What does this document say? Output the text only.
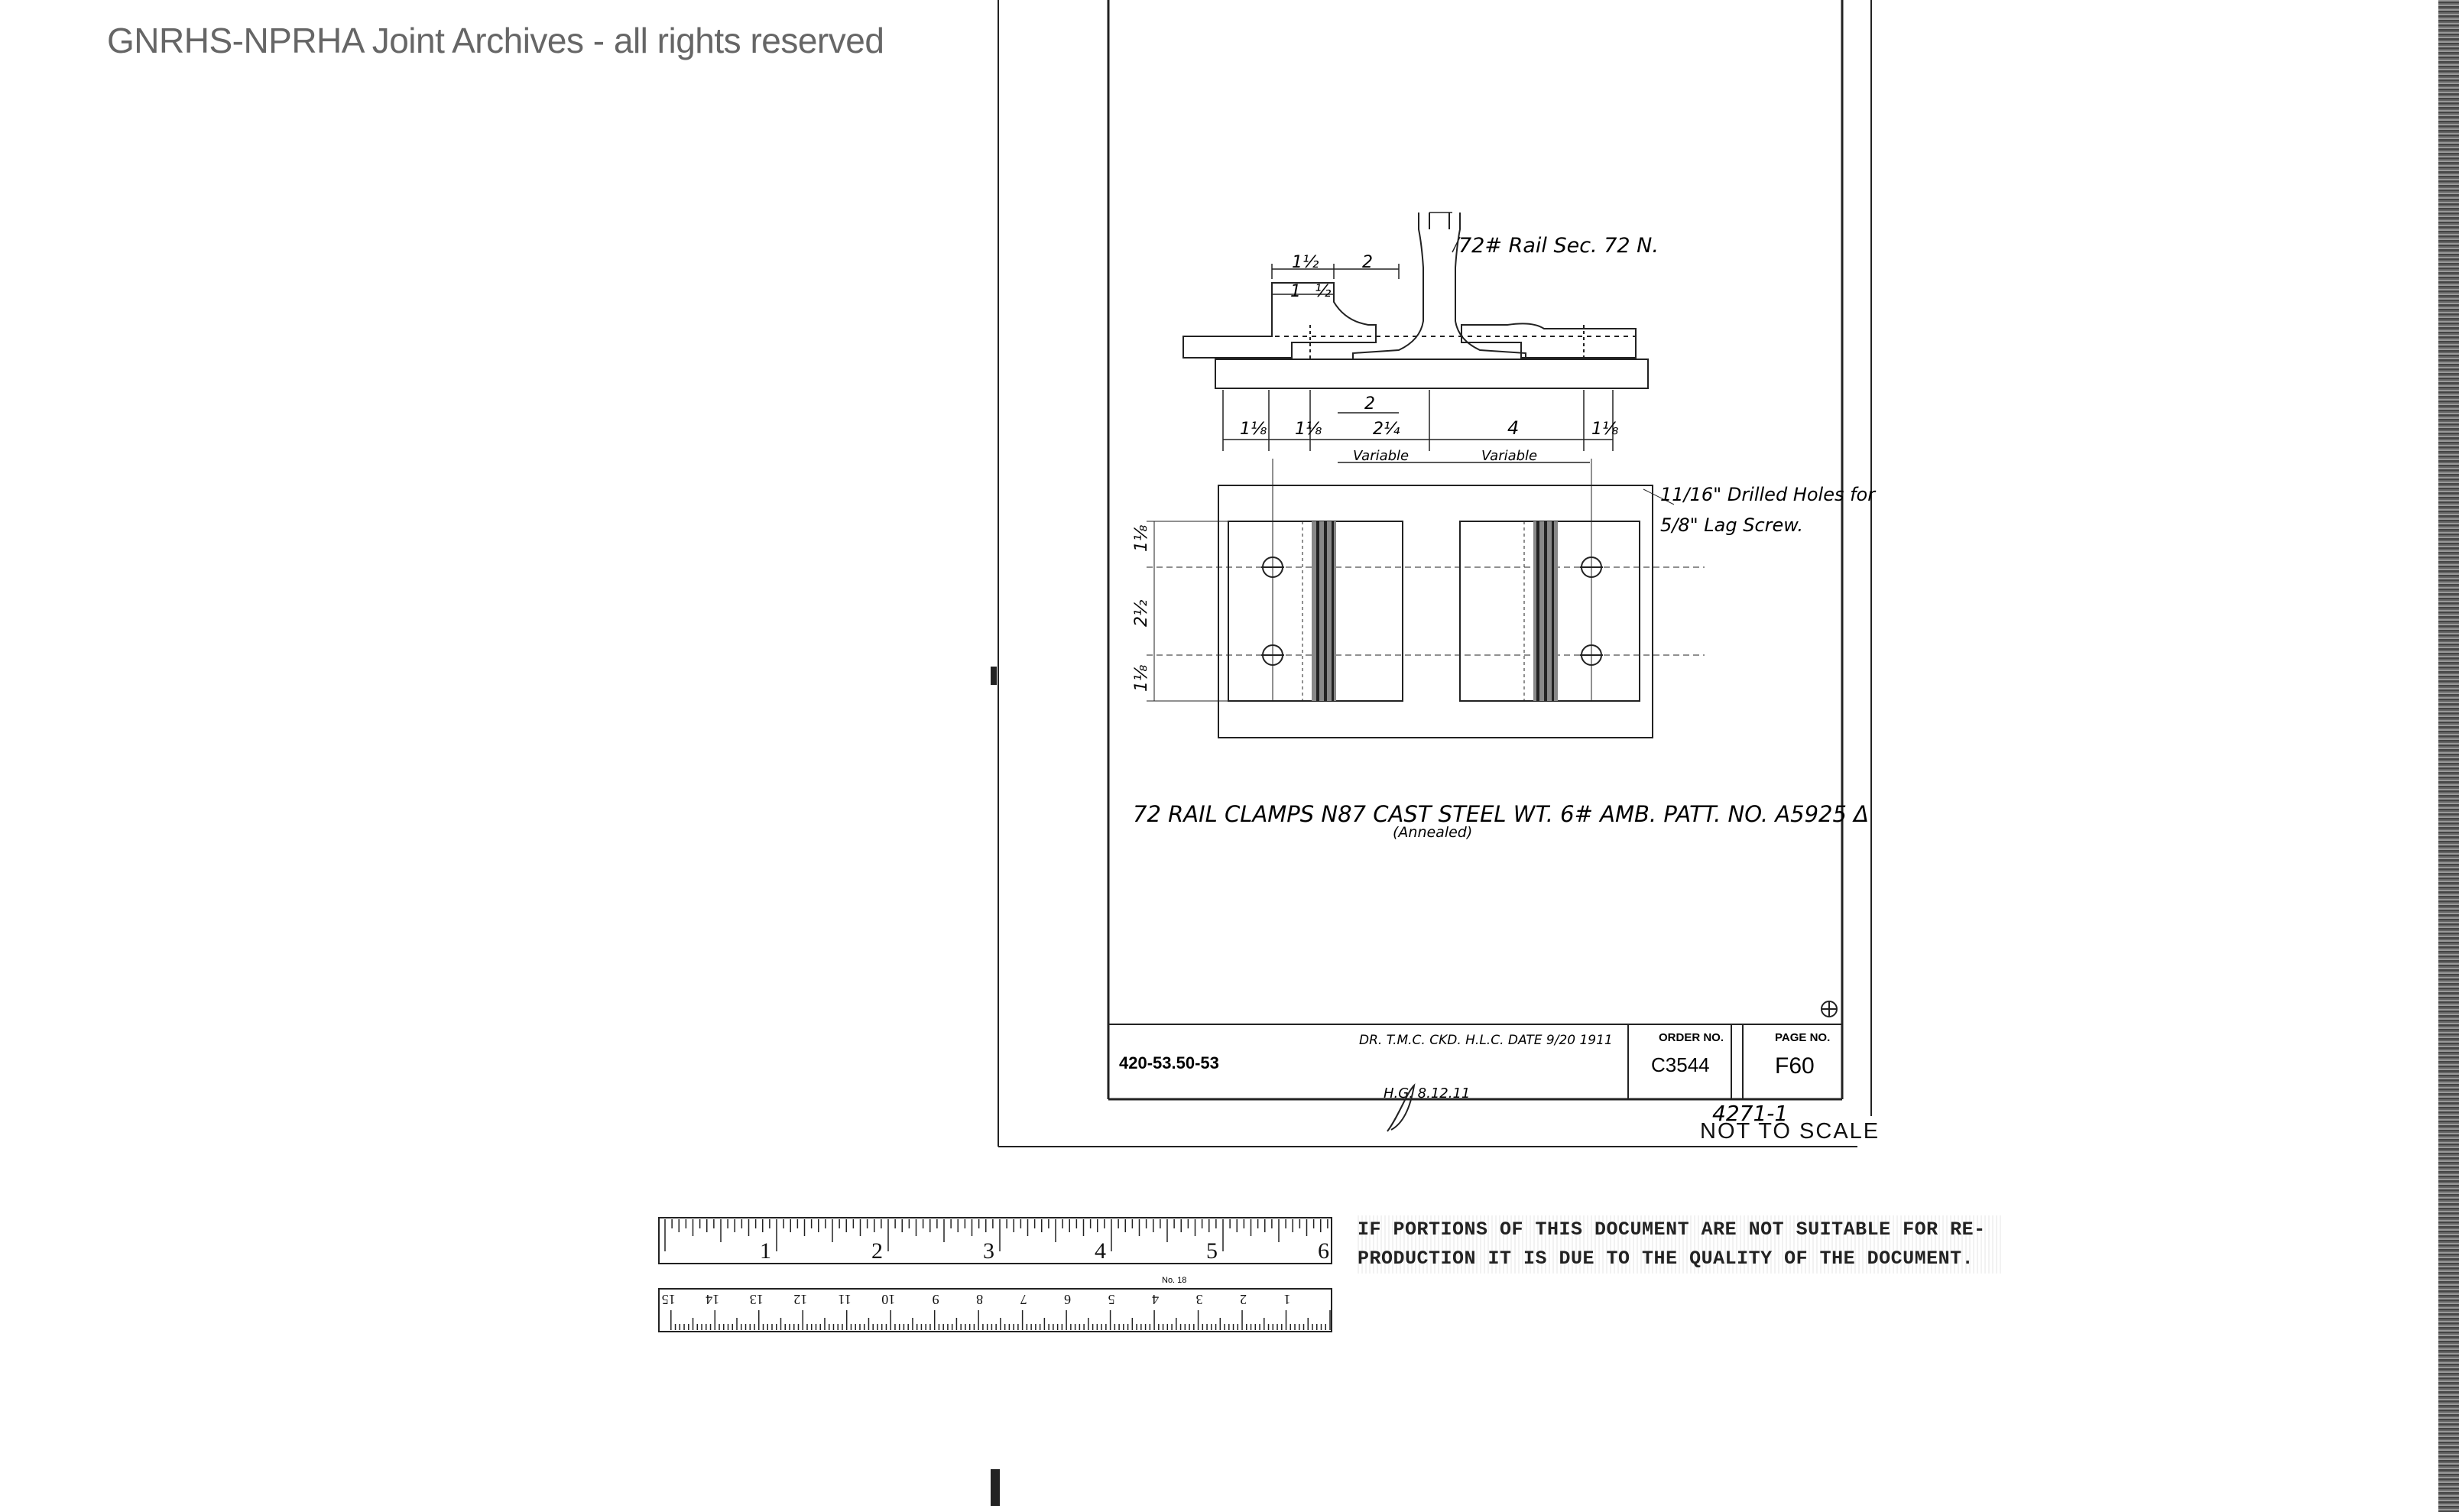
GNRHS-NPRHA Joint Archives - all rights reserved
420-53.50-53
DR. T.M.C. CKD. H.L.C. DATE 9/20 1911	ORDER NO.
C3544
PAGE NO.
F60
4271-1
H.G. 8.12.11
72# Rail Sec. 72 N.
1½	2
1 ½
2
1⅛ 1⅛	2¼	4	1⅛
Variable	Variable
11/16" Drilled Holes for
5/8" Lag Screw.
1⅛
2½
1⅛
72 RAIL CLAMPS N87 CAST STEEL WT. 6# AMB. PATT. NO. A5925 Δ
(Annealed)
NOT TO SCALE
1	2	3	4	5	6
1
2
3
4
5
6
7
8
9
10
11
12
13
14
15
No. 18
IF PORTIONS OF THIS DOCUMENT ARE NOT SUITABLE FOR RE-
PRODUCTION IT IS DUE TO THE QUALITY OF THE DOCUMENT.
